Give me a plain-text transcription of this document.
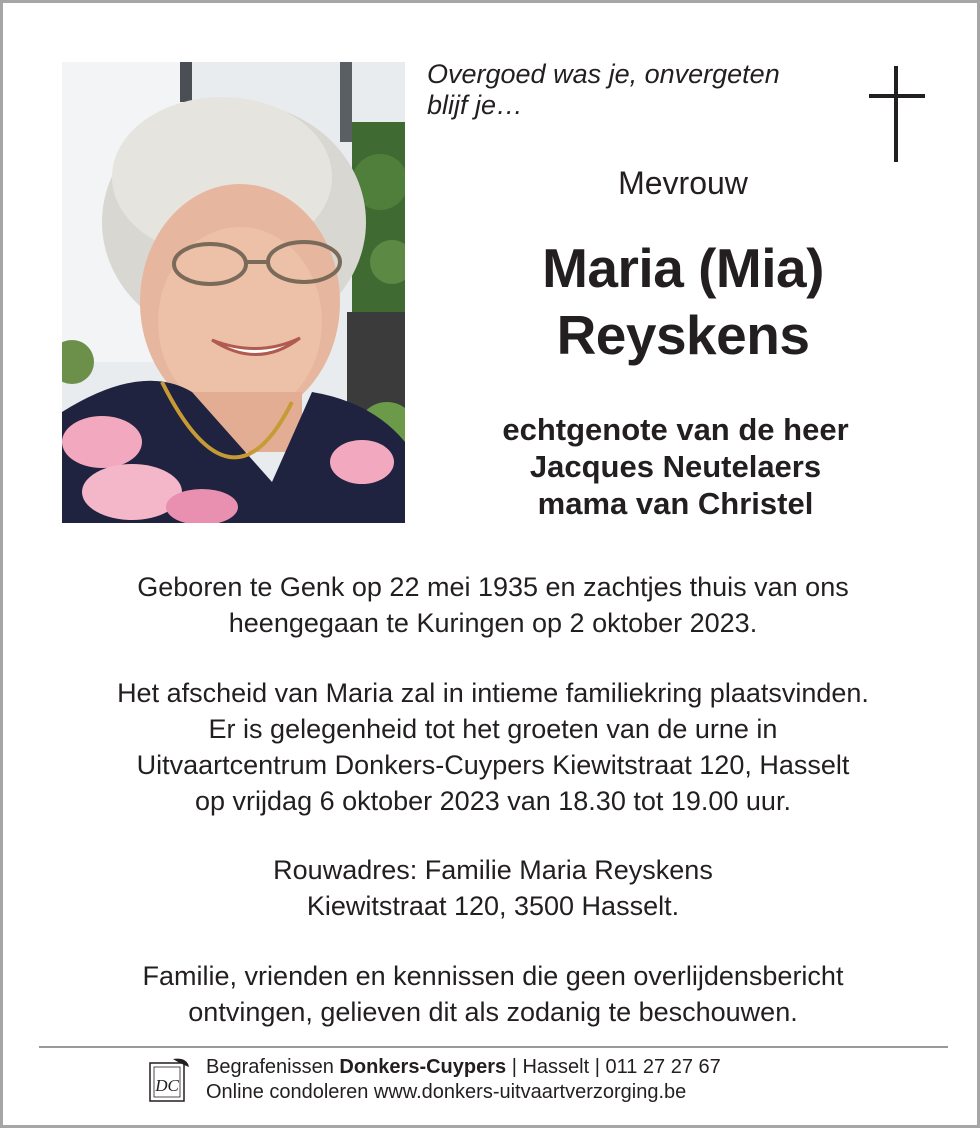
Overgoed was je, onvergeten
blijf je…
Mevrouw
Maria (Mia)
Reyskens
echtgenote van de heer
Jacques Neutelaers
mama van Christel
Geboren te Genk op 22 mei 1935 en zachtjes thuis van ons
heengegaan te Kuringen op 2 oktober 2023.
Het afscheid van Maria zal in intieme familiekring plaatsvinden.
Er is gelegenheid tot het groeten van de urne in
Uitvaartcentrum Donkers-Cuypers Kiewitstraat 120, Hasselt
op vrijdag 6 oktober 2023 van 18.30 tot 19.00 uur.
Rouwadres: Familie Maria Reyskens
Kiewitstraat 120, 3500 Hasselt.
Familie, vrienden en kennissen die geen overlijdensbericht
ontvingen, gelieven dit als zodanig te beschouwen.
DC
Begrafenissen Donkers-Cuypers | Hasselt | 011 27 27 67
Online condoleren www.donkers-uitvaartverzorging.be
